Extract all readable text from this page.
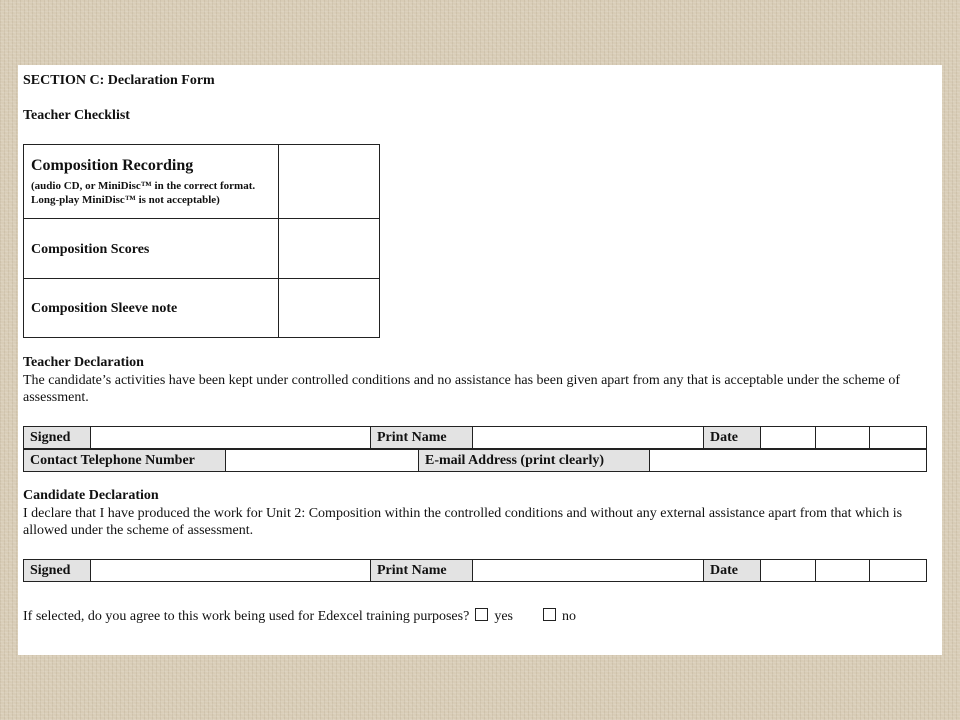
SECTION C: Declaration Form
Teacher Checklist
Composition Recording
(audio CD, or MiniDisc™ in the correct format. Long-play MiniDisc™ is not acceptable)	

Composition Scores	
Composition Sleeve note	
Teacher Declaration
The candidate’s activities have been kept under controlled conditions and no assistance has been given apart from any that is acceptable under the scheme of assessment.
Signed		Print Name		Date			
Contact Telephone Number		E-mail Address (print clearly)	
Candidate Declaration
I declare that I have produced the work for Unit 2: Composition within the controlled conditions and without any external assistance apart from that which is allowed under the scheme of assessment.
Signed		Print Name		Date			
If selected, do you agree to this work being used for Edexcel training purposes? yes	no
